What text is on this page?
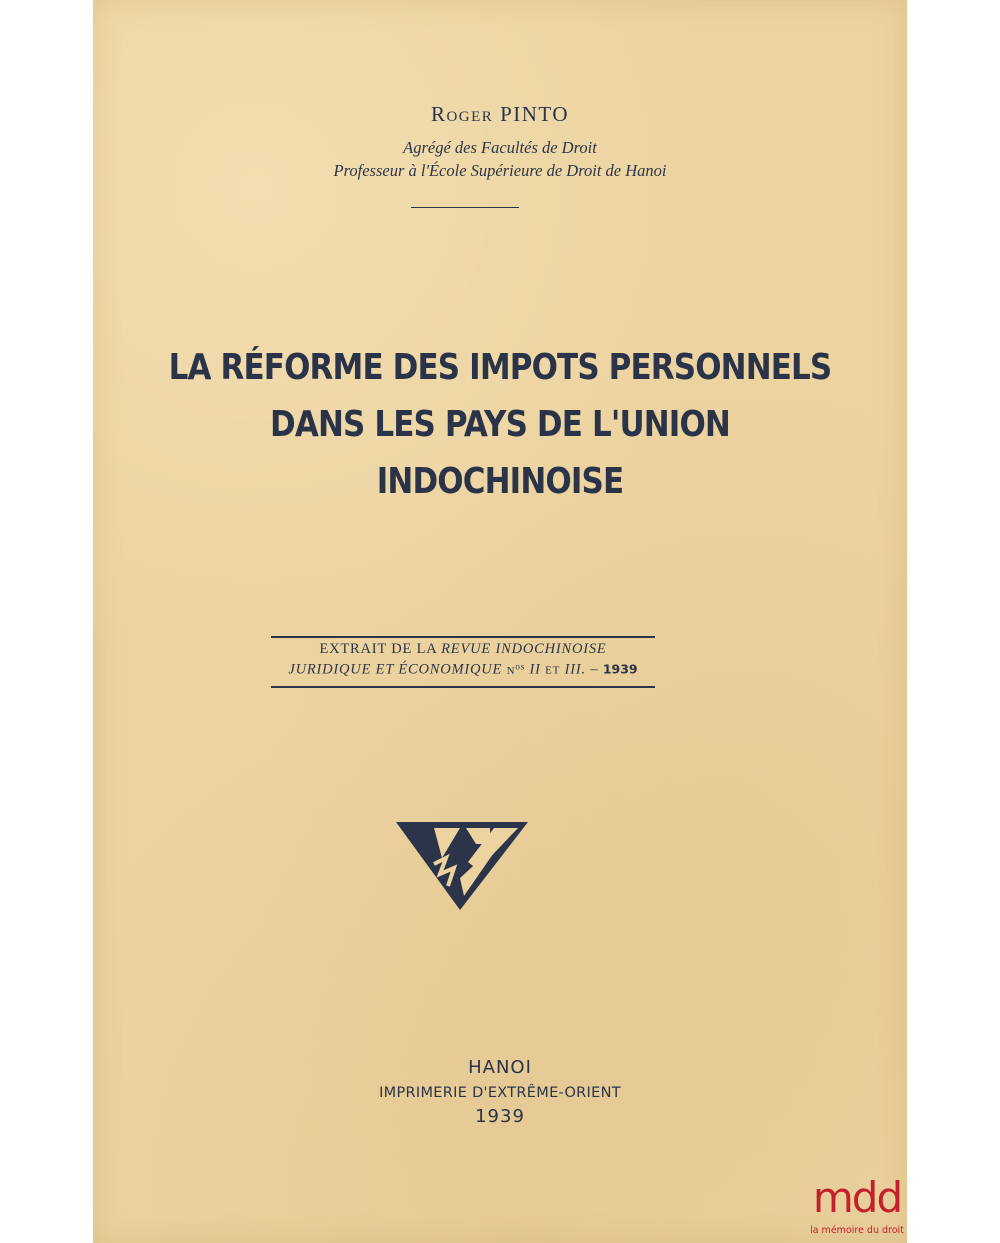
Roger PINTO
Agrégé des Facultés de Droit
Professeur à l'École Supérieure de Droit de Hanoi
LA RÉFORME DES IMPOTS PERSONNELS
DANS LES PAYS DE L'UNION
INDOCHINOISE
EXTRAIT DE LA REVUE INDOCHINOISE
JURIDIQUE ET ÉCONOMIQUE $N^{os}$ II ET III. – 1939
HANOI
IMPRIMERIE D'EXTRÊME-ORIENT
1939
mdd
la mémoire du droit
